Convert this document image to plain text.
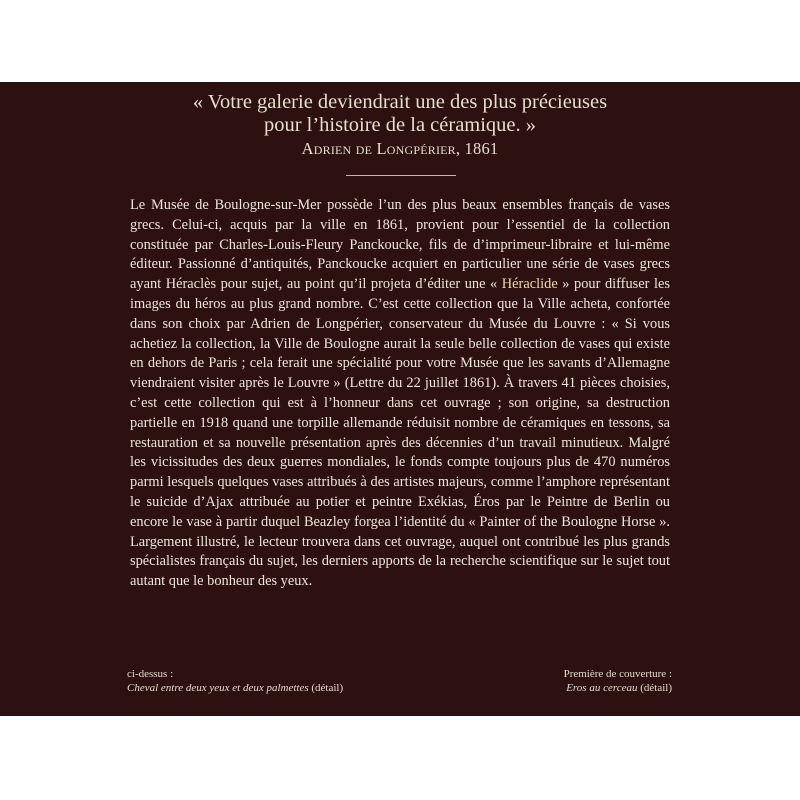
« Votre galerie deviendrait une des plus précieuses
pour l’histoire de la céramique. »
Adrien de Longpérier, 1861

Le Musée de Boulogne-sur-Mer possède l’un des plus beaux ensembles français de vases grecs. Celui-ci, acquis par la ville en 1861, provient pour l’essentiel de la collection constituée par Charles-Louis-Fleury Panckoucke, fils de d’imprimeur-libraire et lui-même éditeur. Passionné d’antiquités, Panckoucke acquiert en particulier une série de vases grecs ayant Héraclès pour sujet, au point qu’il projeta d’éditer une « Héraclide » pour diffuser les images du héros au plus grand nombre. C’est cette collection que la Ville acheta, confortée dans son choix par Adrien de Longpérier, conservateur du Musée du Louvre : « Si vous achetiez la collection, la Ville de Boulogne aurait la seule belle collection de vases qui existe en dehors de Paris ; cela ferait une spécialité pour votre Musée que les savants d’Allemagne viendraient visiter après le Louvre » (Lettre du 22 juillet 1861). À travers 41 pièces choisies, c’est cette collection qui est à l’honneur dans cet ouvrage ; son origine, sa destruction partielle en 1918 quand une torpille allemande réduisit nombre de céramiques en tessons, sa restauration et sa nouvelle présentation après des décennies d’un travail minutieux. Malgré les vicissitudes des deux guerres mondiales, le fonds compte toujours plus de 470 numéros parmi lesquels quelques vases attribués à des artistes majeurs, comme l’amphore représentant le suicide d’Ajax attribuée au potier et peintre Exékias, Éros par le Peintre de Berlin ou encore le vase à partir duquel Beazley forgea l’identité du « Painter of the Boulogne Horse ». Largement illustré, le lecteur trouvera dans cet ouvrage, auquel ont contribué les plus grands spécialistes français du sujet, les derniers apports de la recherche scientifique sur le sujet tout autant que le bonheur des yeux.

ci-dessus :
Cheval entre deux yeux et deux palmettes (détail)
Première de couverture :
Eros au cerceau (détail)
